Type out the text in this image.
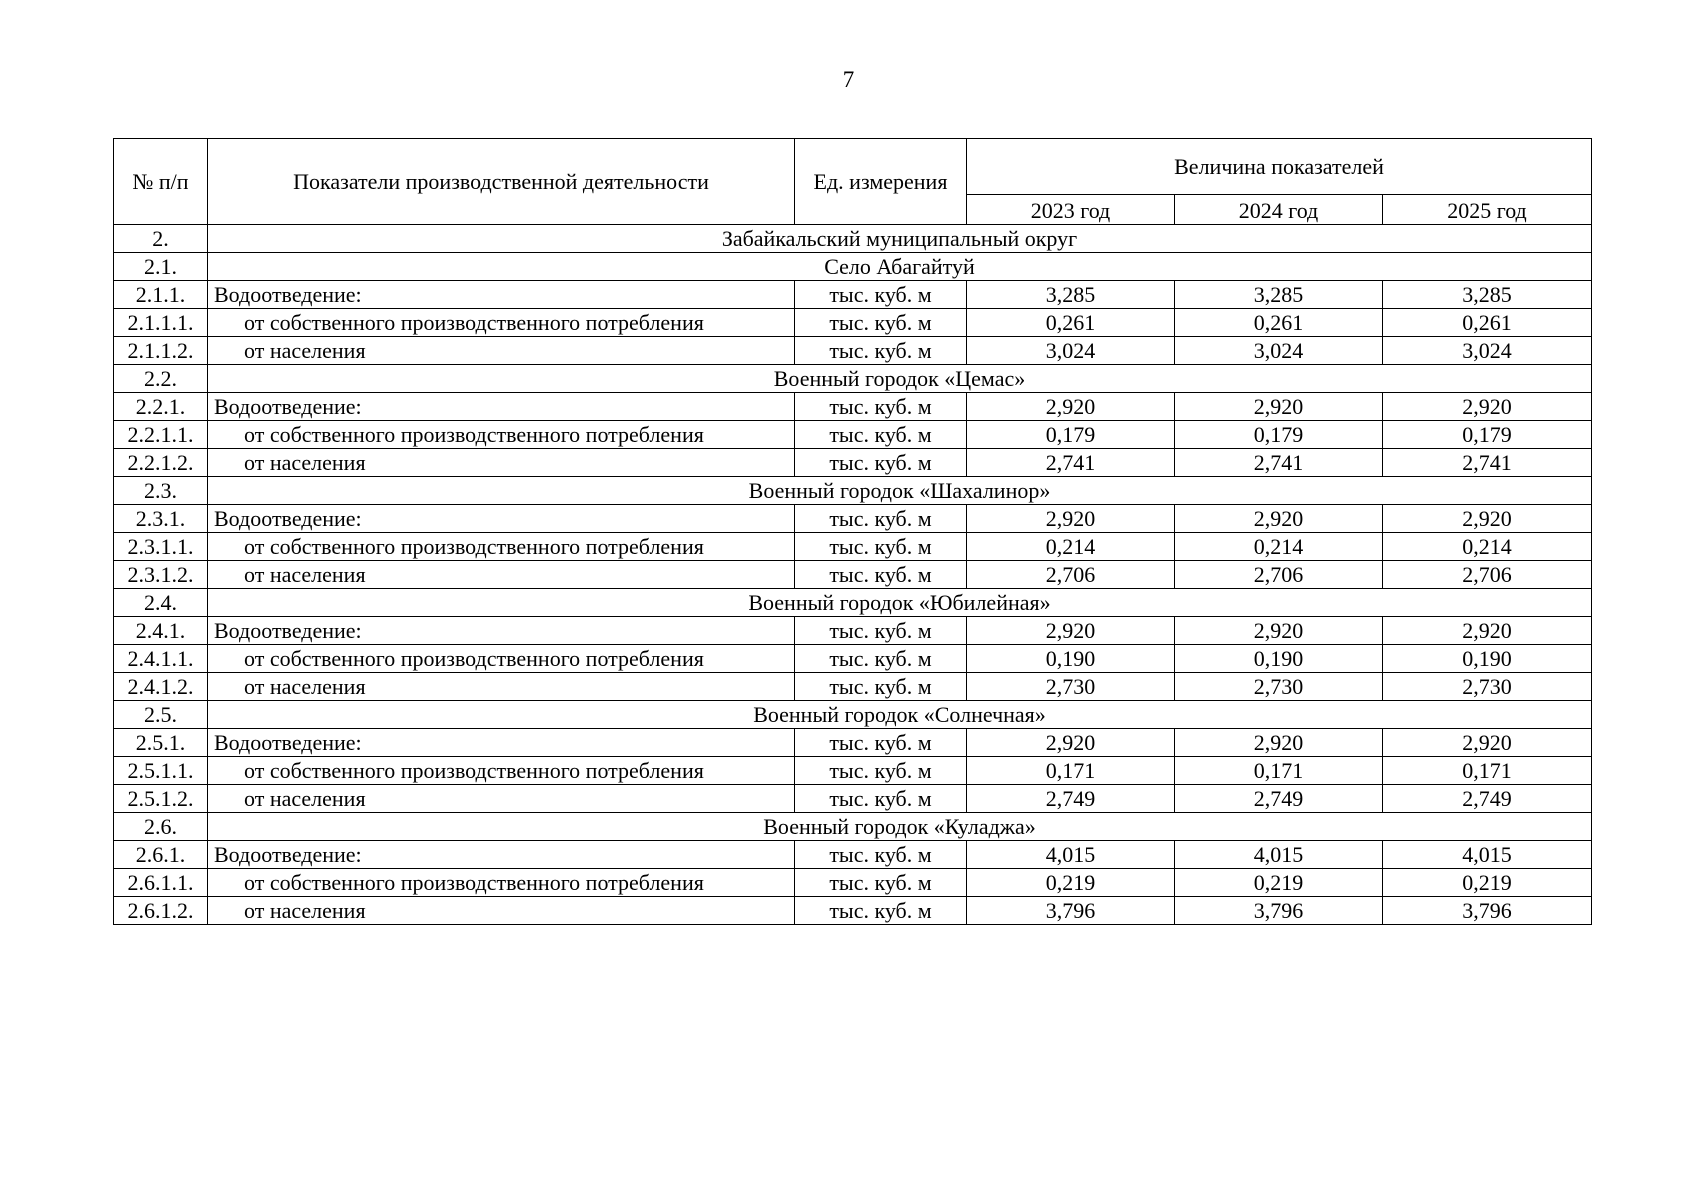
7
№ п/п	Показатели производственной деятельности	Ед. измерения	Величина показателей		
			2023 год	2024 год	2025 год
2.	Забайкальский муниципальный округ				
2.1.	Село Абагайтуй				
2.1.1.	Водоотведение:	тыс. куб. м	3,285	3,285	3,285
2.1.1.1.	от собственного производственного потребления	тыс. куб. м	0,261	0,261	0,261
2.1.1.2.	от населения	тыс. куб. м	3,024	3,024	3,024
2.2.	Военный городок «Цемас»				
2.2.1.	Водоотведение:	тыс. куб. м	2,920	2,920	2,920
2.2.1.1.	от собственного производственного потребления	тыс. куб. м	0,179	0,179	0,179
2.2.1.2.	от населения	тыс. куб. м	2,741	2,741	2,741
2.3.	Военный городок «Шахалинор»				
2.3.1.	Водоотведение:	тыс. куб. м	2,920	2,920	2,920
2.3.1.1.	от собственного производственного потребления	тыс. куб. м	0,214	0,214	0,214
2.3.1.2.	от населения	тыс. куб. м	2,706	2,706	2,706
2.4.	Военный городок «Юбилейная»				
2.4.1.	Водоотведение:	тыс. куб. м	2,920	2,920	2,920
2.4.1.1.	от собственного производственного потребления	тыс. куб. м	0,190	0,190	0,190
2.4.1.2.	от населения	тыс. куб. м	2,730	2,730	2,730
2.5.	Военный городок «Солнечная»				
2.5.1.	Водоотведение:	тыс. куб. м	2,920	2,920	2,920
2.5.1.1.	от собственного производственного потребления	тыс. куб. м	0,171	0,171	0,171
2.5.1.2.	от населения	тыс. куб. м	2,749	2,749	2,749
2.6.	Военный городок «Куладжа»				
2.6.1.	Водоотведение:	тыс. куб. м	4,015	4,015	4,015
2.6.1.1.	от собственного производственного потребления	тыс. куб. м	0,219	0,219	0,219
2.6.1.2.	от населения	тыс. куб. м	3,796	3,796	3,796
